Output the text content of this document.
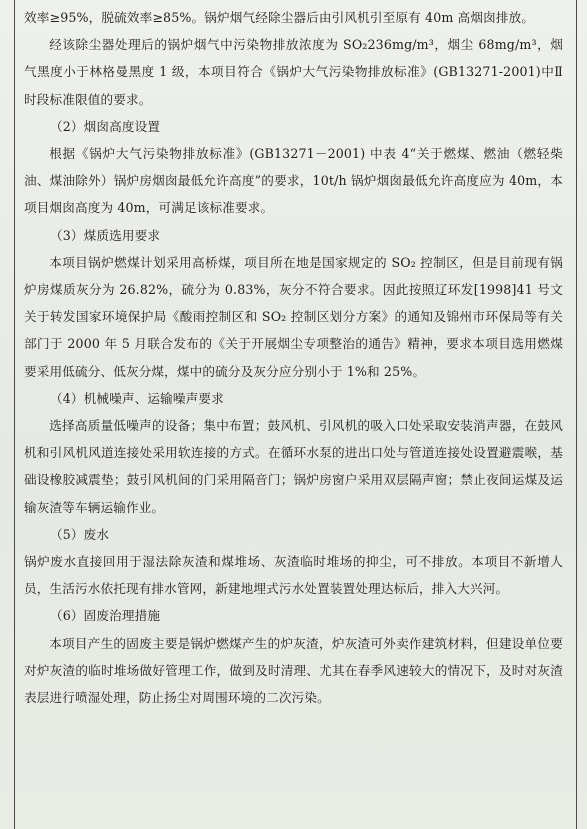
效率≥95%，脱硫效率≥85%。锅炉烟气经除尘器后由引风机引至原有 40m 高烟囱排放。

经该除尘器处理后的锅炉烟气中污染物排放浓度为 SO₂236mg/m³，烟尘 68mg/m³，烟气黑度小于林格曼黑度 1 级，本项目符合《锅炉大气污染物排放标准》(GB13271-2001)中Ⅱ时段标准限值的要求。

（2）烟囱高度设置

根据《锅炉大气污染物排放标准》(GB13271－2001) 中表 4“关于燃煤、燃油（燃轻柴油、煤油除外）锅炉房烟囱最低允许高度”的要求，10t/h 锅炉烟囱最低允许高度应为 40m，本项目烟囱高度为 40m，可满足该标准要求。

（3）煤质选用要求

本项目锅炉燃煤计划采用高桥煤，项目所在地是国家规定的 SO₂ 控制区，但是目前现有锅炉房煤质灰分为 26.82%，硫分为 0.83%，灰分不符合要求。因此按照辽环发[1998]41 号文关于转发国家环境保护局《酸雨控制区和 SO₂ 控制区划分方案》的通知及锦州市环保局等有关部门于 2000 年 5 月联合发布的《关于开展烟尘专项整治的通告》精神，要求本项目选用燃煤要采用低硫分、低灰分煤，煤中的硫分及灰分应分别小于 1%和 25%。

（4）机械噪声、运输噪声要求

选择高质量低噪声的设备；集中布置；鼓风机、引风机的吸入口处采取安装消声器，在鼓风机和引风机风道连接处采用软连接的方式。在循环水泵的进出口处与管道连接处设置避震喉，基础设橡胶减震垫；鼓引风机间的门采用隔音门；锅炉房窗户采用双层隔声窗；禁止夜间运煤及运输灰渣等车辆运输作业。

（5）废水

锅炉废水直接回用于湿法除灰渣和煤堆场、灰渣临时堆场的抑尘，可不排放。本项目不新增人员，生活污水依托现有排水管网，新建地埋式污水处置装置处理达标后，排入大兴河。

（6）固废治理措施

本项目产生的固废主要是锅炉燃煤产生的炉灰渣，炉灰渣可外卖作建筑材料，但建设单位要对炉灰渣的临时堆场做好管理工作，做到及时清理、尤其在春季风速较大的情况下，及时对灰渣表层进行喷湿处理，防止扬尘对周围环境的二次污染。
